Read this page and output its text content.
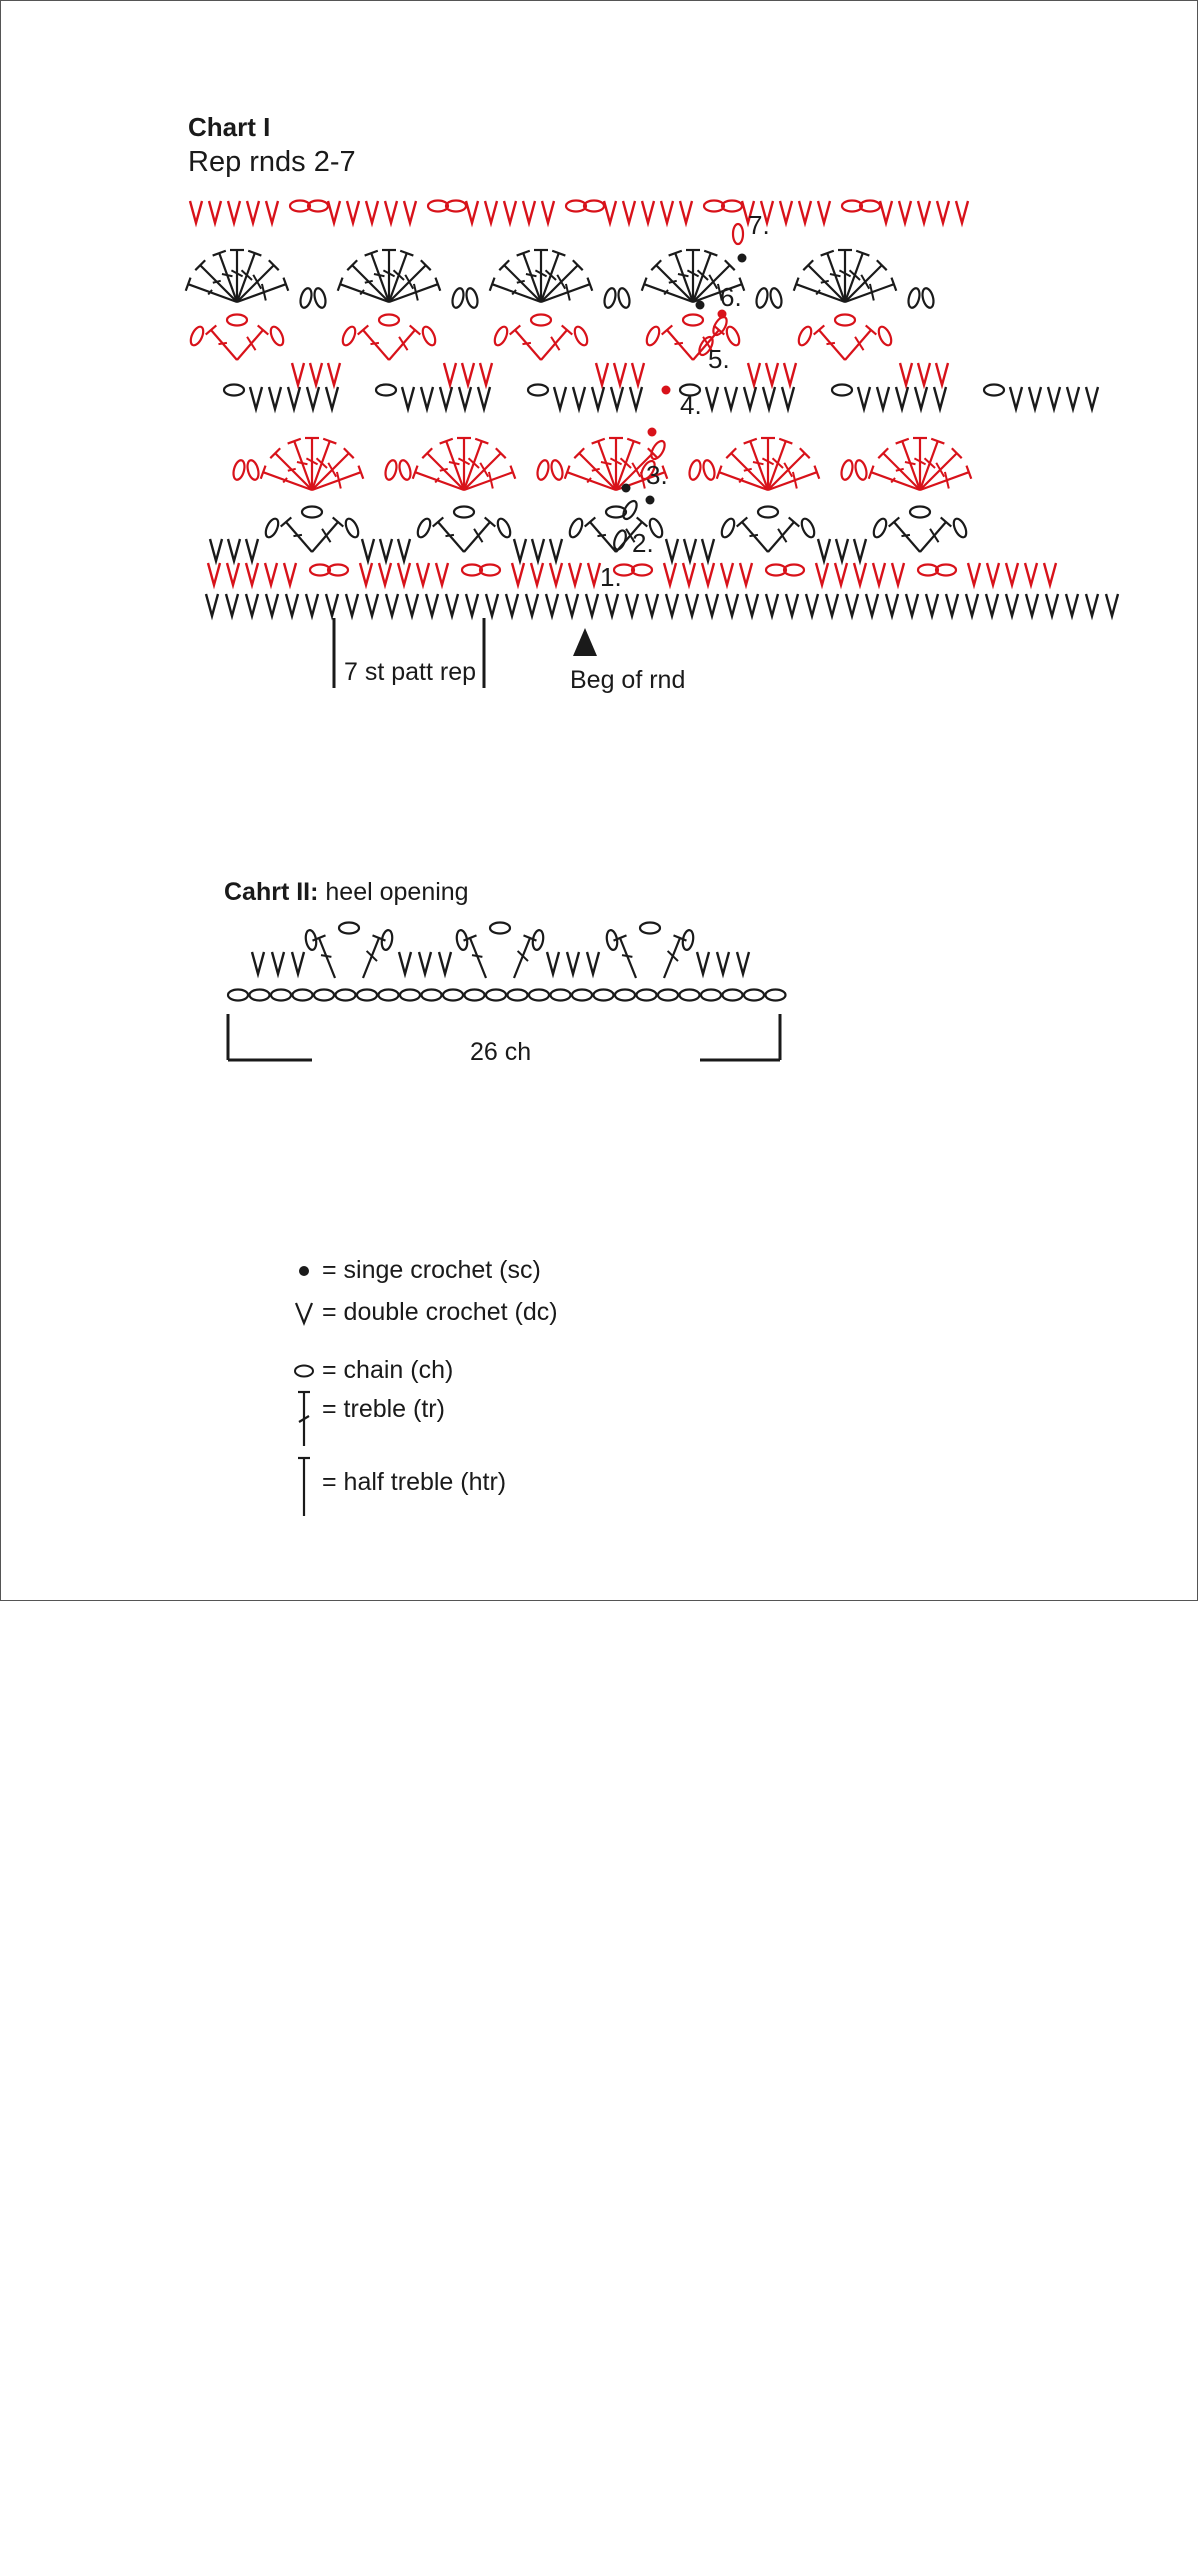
Chart I
Rep rnds 2-7
1.
2.
3.
4.
5.
6.
7.
7 st patt rep	Beg of rnd
Cahrt II: heel opening
26 ch
= singe crochet (sc)
= double crochet (dc)
= chain (ch)
= treble (tr)
= half treble (htr)
